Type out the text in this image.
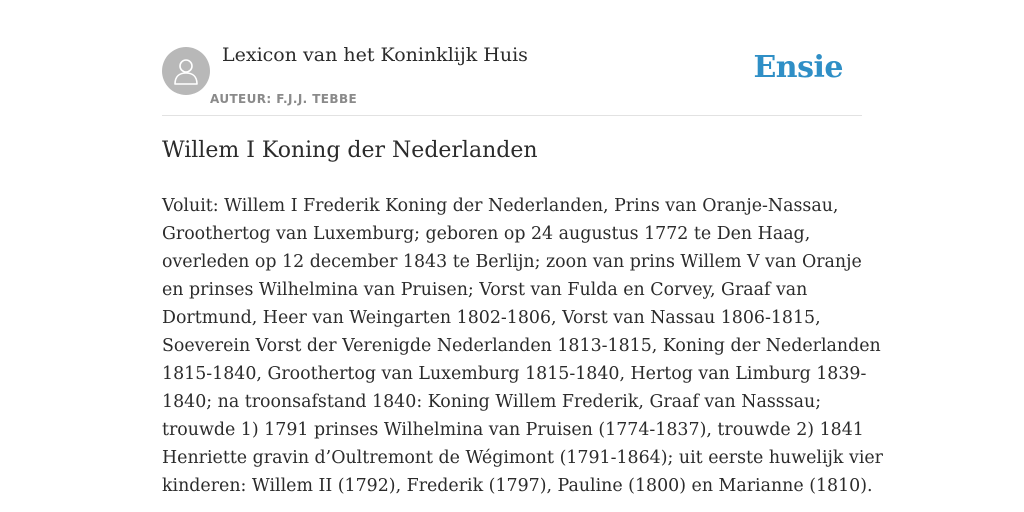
Lexicon van het Koninklijk Huis
AUTEUR: F.J.J. TEBBE
Ensie
Willem I Koning der Nederlanden
Voluit: Willem I Frederik Koning der Nederlanden, Prins van Oranje-Nassau,
Groothertog van Luxemburg; geboren op 24 augustus 1772 te Den Haag,
overleden op 12 december 1843 te Berlijn; zoon van prins Willem V van Oranje
en prinses Wilhelmina van Pruisen; Vorst van Fulda en Corvey, Graaf van
Dortmund, Heer van Weingarten 1802-1806, Vorst van Nassau 1806-1815,
Soeverein Vorst der Verenigde Nederlanden 1813-1815, Koning der Nederlanden
1815-1840, Groothertog van Luxemburg 1815-1840, Hertog van Limburg 1839-
1840; na troonsafstand 1840: Koning Willem Frederik, Graaf van Nasssau;
trouwde 1) 1791 prinses Wilhelmina van Pruisen (1774-1837), trouwde 2) 1841
Henriette gravin d’Oultremont de Wégimont (1791-1864); uit eerste huwelijk vier
kinderen: Willem II (1792), Frederik (1797), Pauline (1800) en Marianne (1810).
